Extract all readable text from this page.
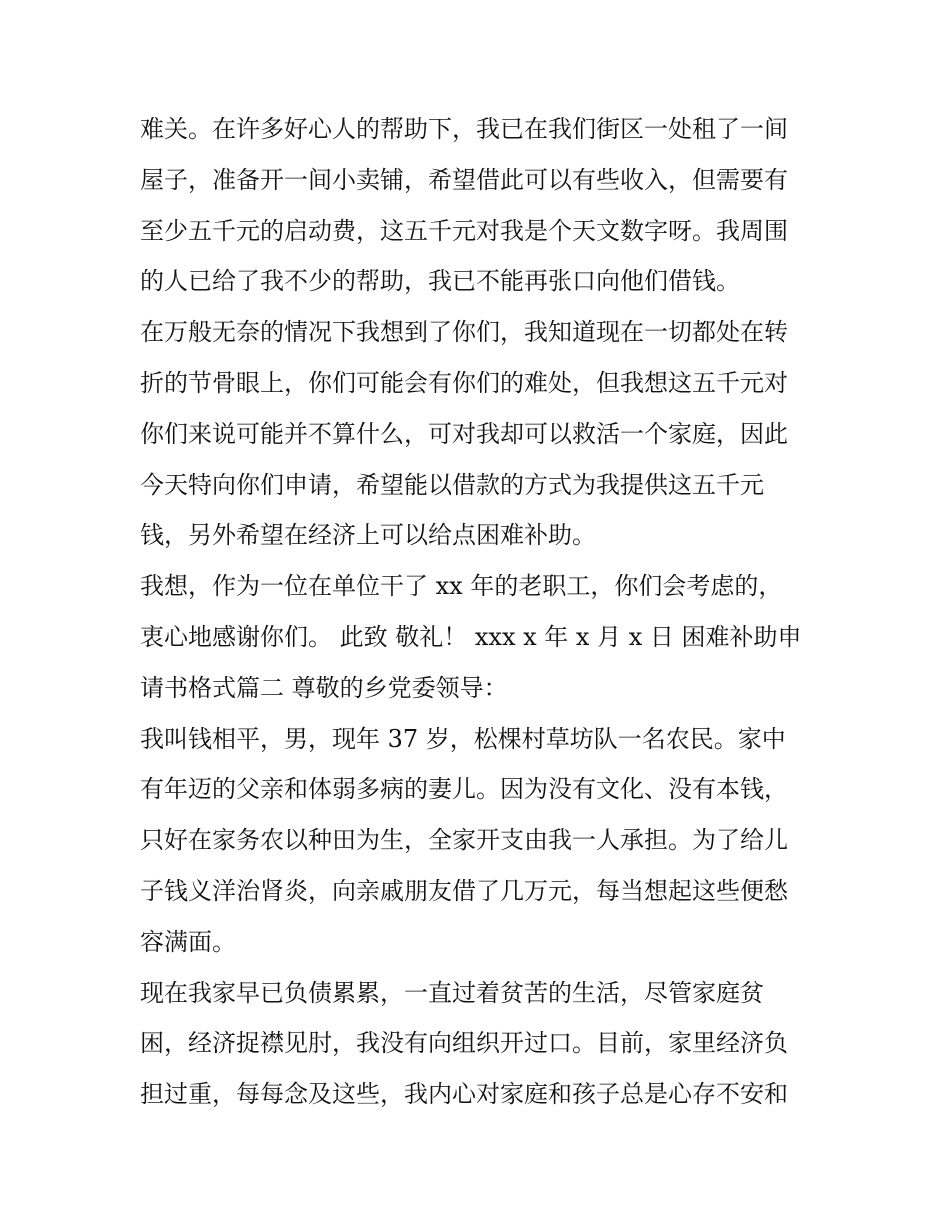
难关。在许多好心人的帮助下，我已在我们街区一处租了一间

屋子，准备开一间小卖铺，希望借此可以有些收入，但需要有

至少五千元的启动费，这五千元对我是个天文数字呀。我周围

的人已给了我不少的帮助，我已不能再张口向他们借钱。

在万般无奈的情况下我想到了你们，我知道现在一切都处在转

折的节骨眼上，你们可能会有你们的难处，但我想这五千元对

你们来说可能并不算什么，可对我却可以救活一个家庭，因此

今天特向你们申请，希望能以借款的方式为我提供这五千元

钱，另外希望在经济上可以给点困难补助。

我想，作为一位在单位干了 xx 年的老职工，你们会考虑的，

衷心地感谢你们。 此致 敬礼！ xxx x 年 x 月 x 日 困难补助申

请书格式篇二 尊敬的乡党委领导：

我叫钱相平，男，现年 37 岁，松棵村草坊队一名农民。家中

有年迈的父亲和体弱多病的妻儿。因为没有文化、没有本钱，

只好在家务农以种田为生，全家开支由我一人承担。为了给儿

子钱义洋治肾炎，向亲戚朋友借了几万元，每当想起这些便愁

容满面。

现在我家早已负债累累，一直过着贫苦的生活，尽管家庭贫

困，经济捉襟见肘，我没有向组织开过口。目前，家里经济负

担过重，每每念及这些，我内心对家庭和孩子总是心存不安和
